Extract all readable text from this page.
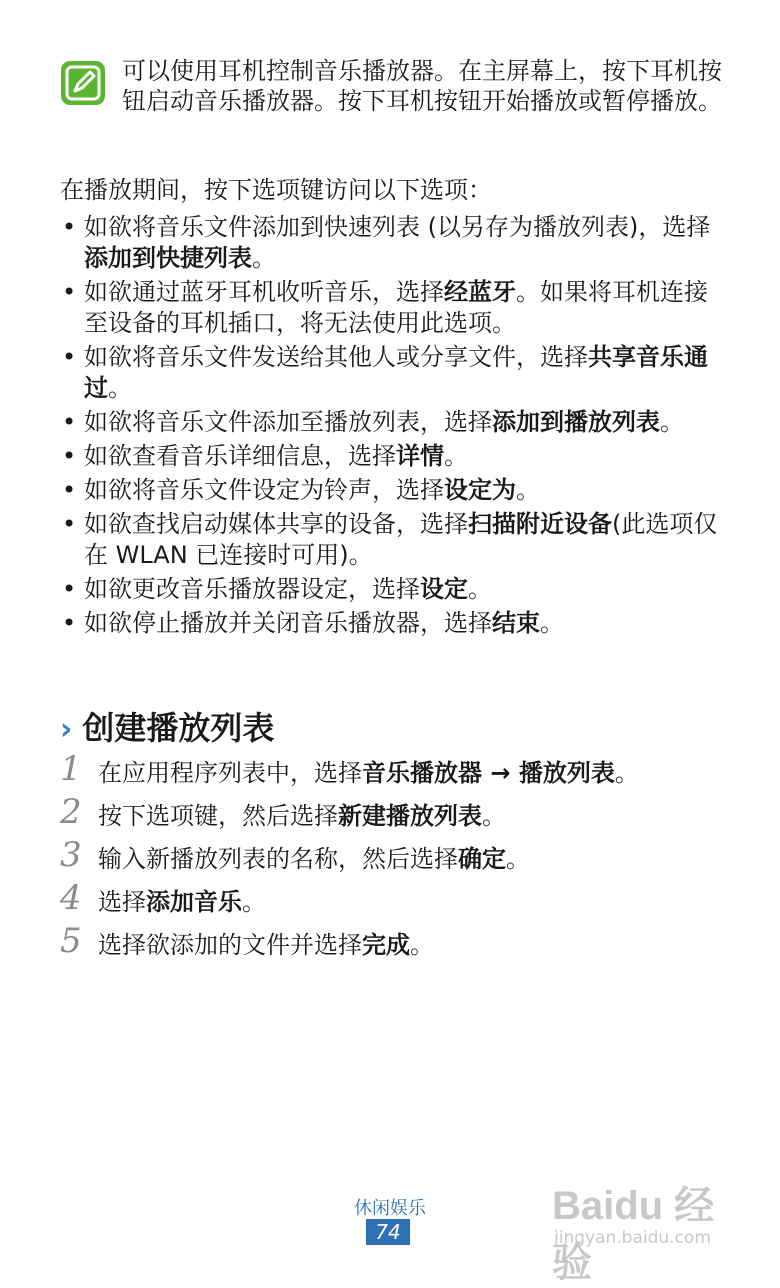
可以使用耳机控制音乐播放器。在主屏幕上，按下耳机按钮启动音乐播放器。按下耳机按钮开始播放或暂停播放。
在播放期间，按下选项键访问以下选项：
• 如欲将音乐文件添加到快速列表 (以另存为播放列表)，选择添加到快捷列表。
• 如欲通过蓝牙耳机收听音乐，选择经蓝牙。如果将耳机连接至设备的耳机插口，将无法使用此选项。
• 如欲将音乐文件发送给其他人或分享文件，选择共享音乐通过。
• 如欲将音乐文件添加至播放列表，选择添加到播放列表。
• 如欲查看音乐详细信息，选择详情。
• 如欲将音乐文件设定为铃声，选择设定为。
• 如欲查找启动媒体共享的设备，选择扫描附近设备(此选项仅在 WLAN 已连接时可用)。
• 如欲更改音乐播放器设定，选择设定。
• 如欲停止播放并关闭音乐播放器，选择结束。
› 创建播放列表
1 在应用程序列表中，选择音乐播放器 → 播放列表。
2 按下选项键，然后选择新建播放列表。
3 输入新播放列表的名称，然后选择确定。
4 选择添加音乐。
5 选择欲添加的文件并选择完成。
休闲娱乐
74
Baidu 经验
jingyan.baidu.com
